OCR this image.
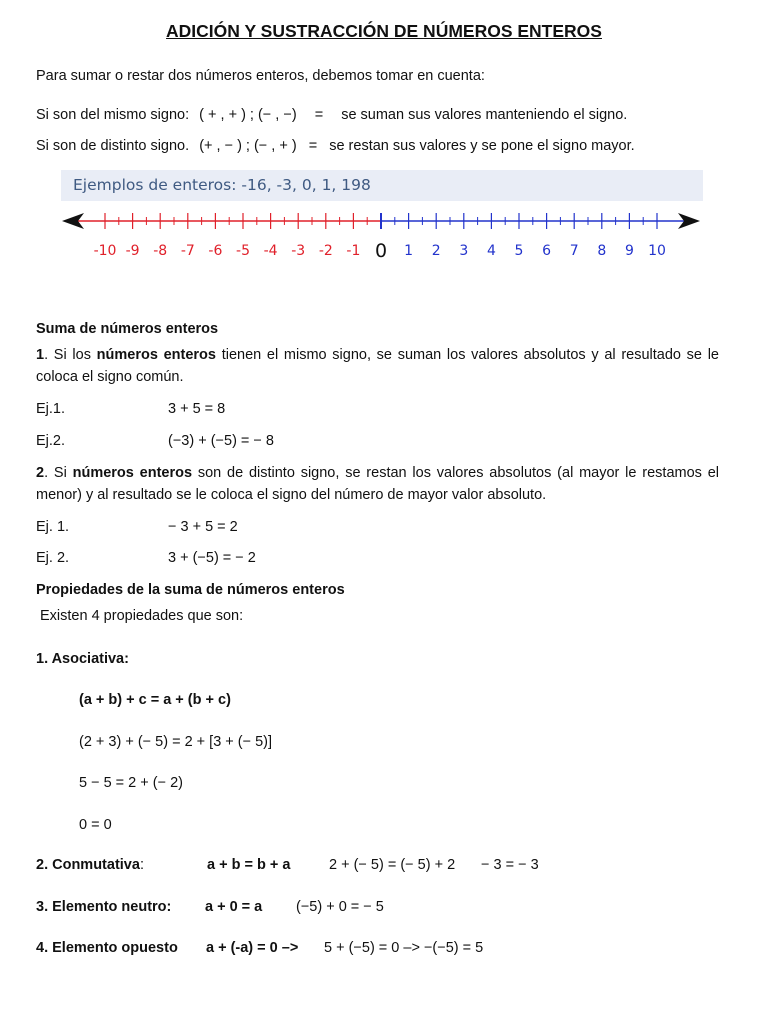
ADICIÓN Y SUSTRACCIÓN DE NÚMEROS ENTEROS
Para sumar o restar dos números enteros, debemos tomar en cuenta:
Si son del mismo signo: ( + , + ) ; (− , −) = se suman sus valores manteniendo el signo.
Si son de distinto signo. (+ , − ) ; (− , + ) = se restan sus valores y se pone el signo mayor.
Ejemplos de enteros: -16, -3, 0, 1, 198
-10 -9 -8 -7 -6 -5 -4 -3 -2 -1 0 1 2 3 4 5 6 7 8 9 10
Suma de números enteros
1. Si los números enteros tienen el mismo signo, se suman los valores absolutos y al resultado se le coloca el signo común.
Ej.1.	3 + 5 = 8
Ej.2.	(−3) + (−5) = − 8
2. Si números enteros son de distinto signo, se restan los valores absolutos (al mayor le restamos el menor) y al resultado se le coloca el signo del número de mayor valor absoluto.
Ej. 1.	− 3 + 5 = 2
Ej. 2.	3 + (−5) = − 2
Propiedades de la suma de números enteros
Existen 4 propiedades que son:
1. Asociativa:
(a + b) + c = a + (b + c)
(2 + 3) + (− 5) = 2 + [3 + (− 5)]
5 − 5 = 2 + (− 2)
0 = 0
2. Conmutativa:	a + b = b + a	2 + (− 5) = (− 5) + 2 − 3 = − 3
3. Elemento neutro: a + 0 = a (−5) + 0 = − 5
4. Elemento opuesto a + (-a) = 0 –> 5 + (−5) = 0 –> −(−5) = 5
